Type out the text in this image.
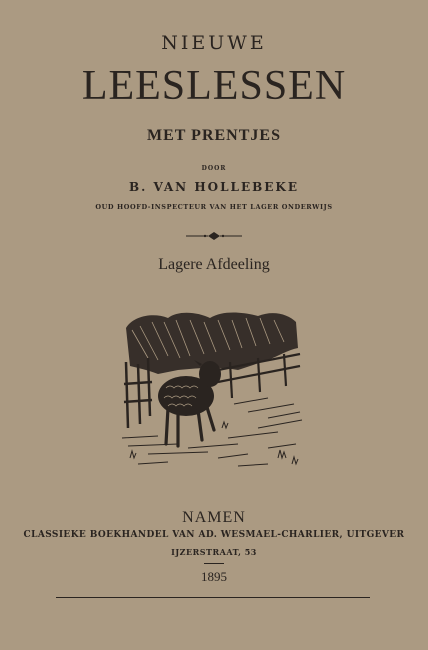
NIEUWE
LEESLESSEN
MET PRENTJES
DOOR
B. VAN HOLLEBEKE
OUD HOOFD-INSPECTEUR VAN HET LAGER ONDERWIJS
Lagere Afdeeling
NAMEN
CLASSIEKE BOEKHANDEL VAN AD. WESMAEL-CHARLIER, UITGEVER
IJZERSTRAAT, 53
1895
